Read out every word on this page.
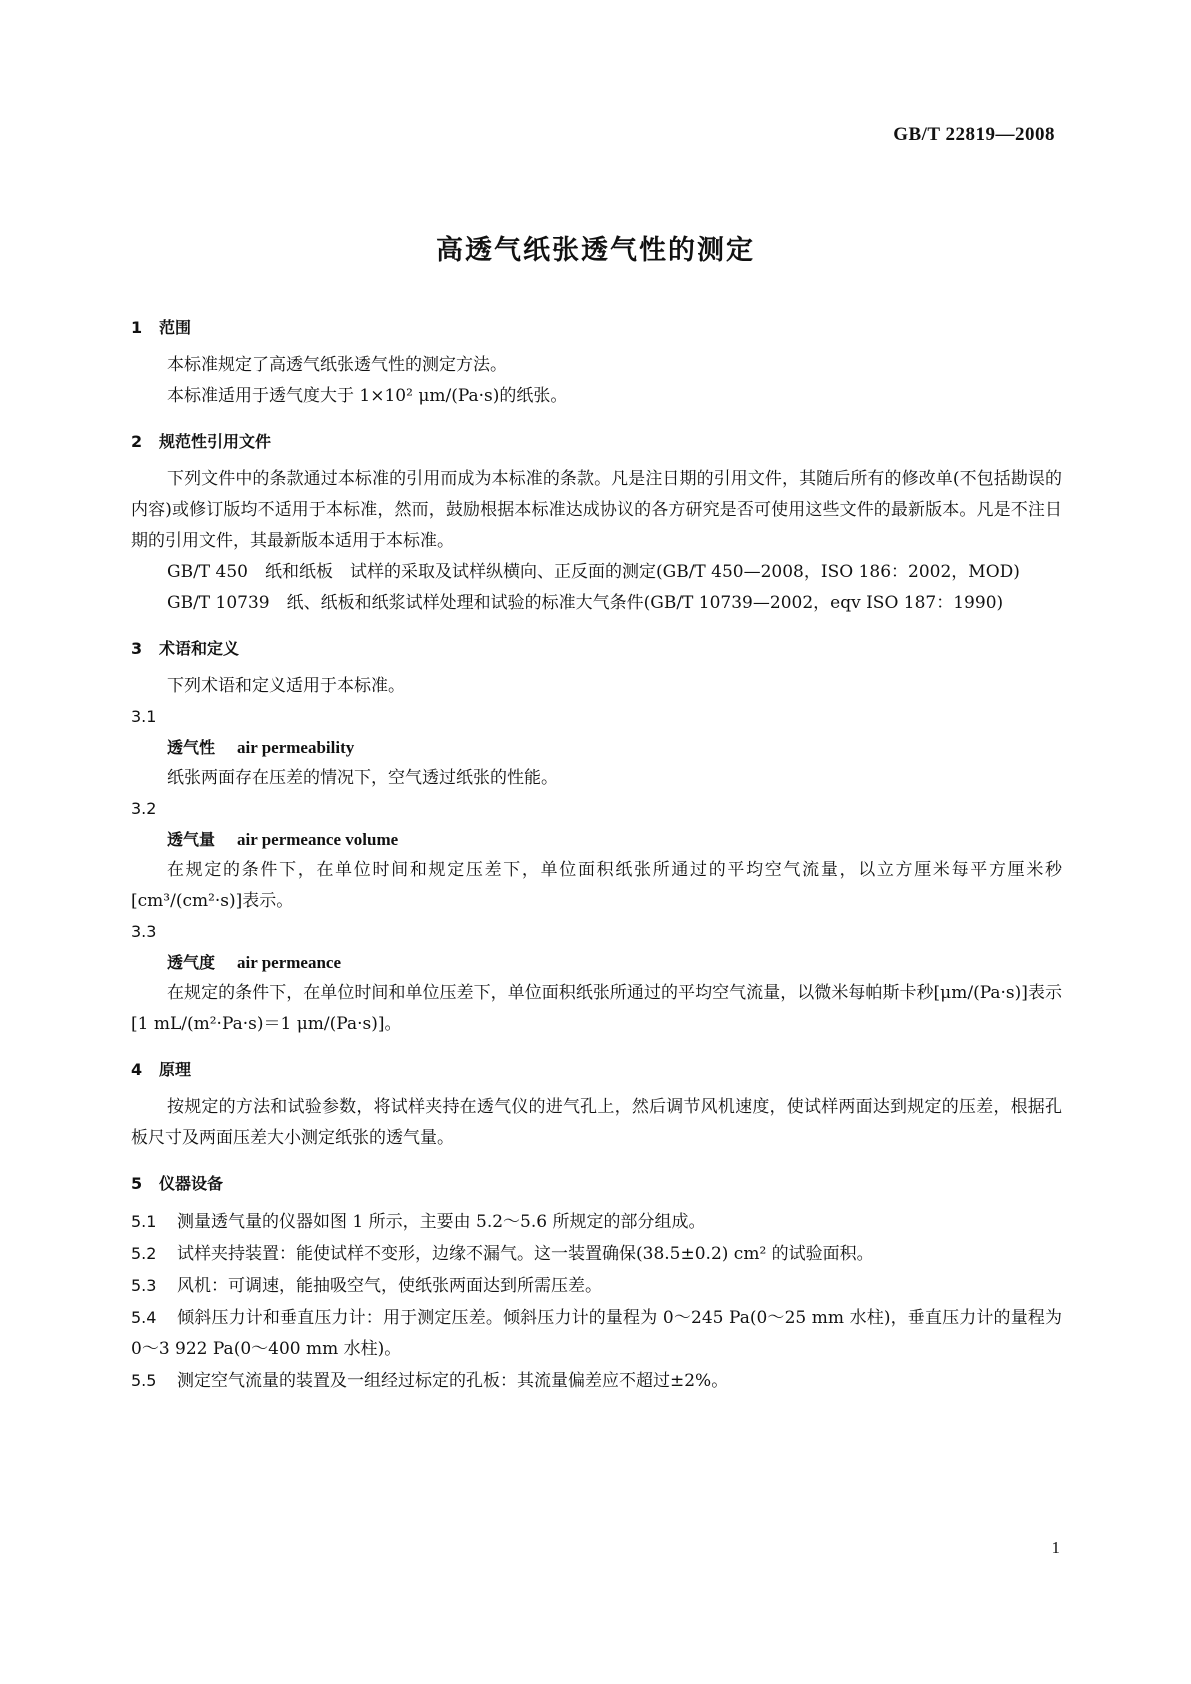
GB/T 22819—2008
高透气纸张透气性的测定
1 范围

本标准规定了高透气纸张透气性的测定方法。

本标准适用于透气度大于 1×10² μm/(Pa·s)的纸张。

2 规范性引用文件

下列文件中的条款通过本标准的引用而成为本标准的条款。凡是注日期的引用文件，其随后所有的修改单(不包括勘误的内容)或修订版均不适用于本标准，然而，鼓励根据本标准达成协议的各方研究是否可使用这些文件的最新版本。凡是不注日期的引用文件，其最新版本适用于本标准。

GB/T 450　纸和纸板　试样的采取及试样纵横向、正反面的测定(GB/T 450—2008，ISO 186：2002，MOD)

GB/T 10739　纸、纸板和纸浆试样处理和试验的标准大气条件(GB/T 10739—2002，eqv ISO 187：1990)

3 术语和定义

下列术语和定义适用于本标准。

3.1

透气性 air permeability

纸张两面存在压差的情况下，空气透过纸张的性能。

3.2

透气量 air permeance volume

在规定的条件下，在单位时间和规定压差下，单位面积纸张所通过的平均空气流量，以立方厘米每平方厘米秒[cm³/(cm²·s)]表示。

3.3

透气度 air permeance

在规定的条件下，在单位时间和单位压差下，单位面积纸张所通过的平均空气流量，以微米每帕斯卡秒[μm/(Pa·s)]表示[1 mL/(m²·Pa·s)＝1 μm/(Pa·s)]。

4 原理

按规定的方法和试验参数，将试样夹持在透气仪的进气孔上，然后调节风机速度，使试样两面达到规定的压差，根据孔板尺寸及两面压差大小测定纸张的透气量。

5 仪器设备

5.1 测量透气量的仪器如图 1 所示，主要由 5.2～5.6 所规定的部分组成。

5.2 试样夹持装置：能使试样不变形，边缘不漏气。这一装置确保(38.5±0.2) cm² 的试验面积。

5.3 风机：可调速，能抽吸空气，使纸张两面达到所需压差。

5.4 倾斜压力计和垂直压力计：用于测定压差。倾斜压力计的量程为 0～245 Pa(0～25 mm 水柱)，垂直压力计的量程为 0～3 922 Pa(0～400 mm 水柱)。

5.5 测定空气流量的装置及一组经过标定的孔板：其流量偏差应不超过±2%。

1
